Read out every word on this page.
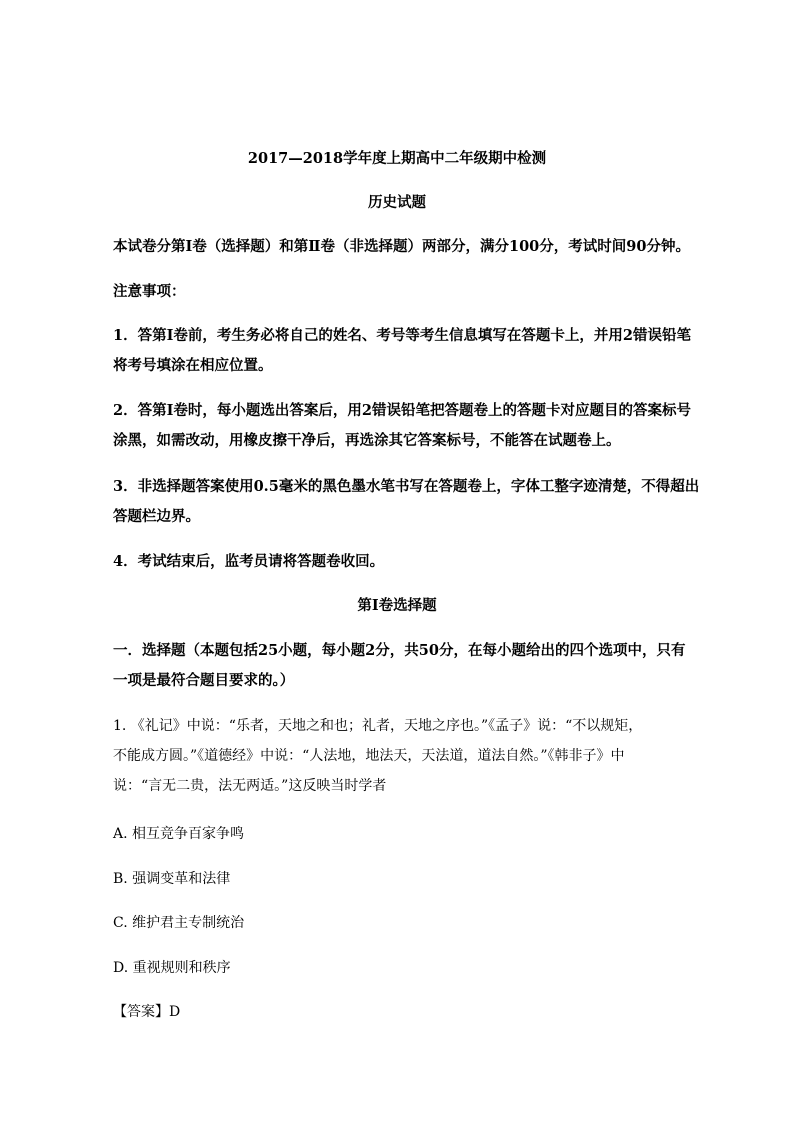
2017—2018学年度上期高中二年级期中检测
历史试题
本试卷分第Ⅰ卷（选择题）和第Ⅱ卷（非选择题）两部分，满分100分，考试时间90分钟。
注意事项：
1．答第Ⅰ卷前，考生务必将自己的姓名、考号等考生信息填写在答题卡上，并用2错误铅笔
将考号填涂在相应位置。
2．答第Ⅰ卷时，每小题选出答案后，用2错误铅笔把答题卷上的答题卡对应题目的答案标号
涂黑，如需改动，用橡皮擦干净后，再选涂其它答案标号，不能答在试题卷上。
3．非选择题答案使用0.5毫米的黑色墨水笔书写在答题卷上，字体工整字迹清楚，不得超出
答题栏边界。
4．考试结束后，监考员请将答题卷收回。
第Ⅰ卷选择题
一．选择题（本题包括25小题，每小题2分，共50分，在每小题给出的四个选项中，只有
一项是最符合题目要求的。）
1. 《礼记》中说：“乐者，天地之和也；礼者，天地之序也。”《孟子》说：“不以规矩，
不能成方圆。”《道德经》中说：“人法地，地法天，天法道，道法自然。”《韩非子》中
说：“言无二贵，法无两适。”这反映当时学者
A. 相互竞争百家争鸣
B. 强调变革和法律
C. 维护君主专制统治
D. 重视规则和秩序
【答案】D
